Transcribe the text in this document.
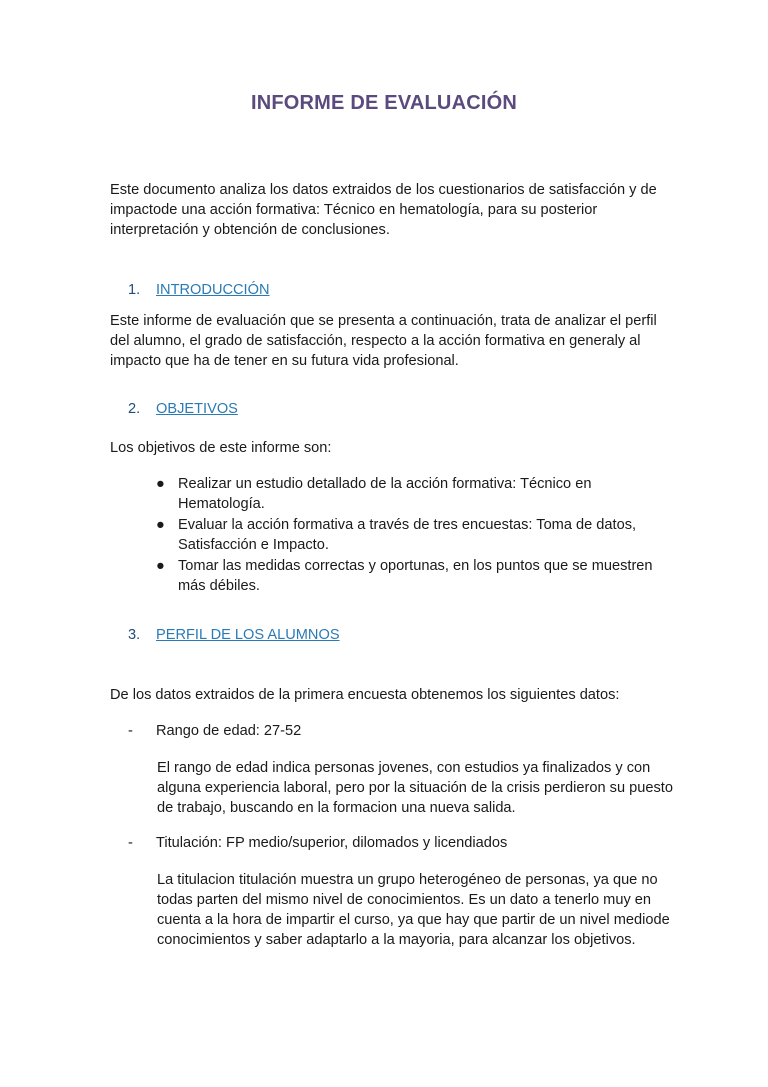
INFORME DE EVALUACIÓN

Este documento analiza los datos extraidos de los cuestionarios de satisfacción y de impactode una acción formativa: Técnico en hematología, para su posterior interpretación y obtención de conclusiones.

1. INTRODUCCIÓN

Este informe de evaluación que se presenta a continuación, trata de analizar el perfil del alumno, el grado de satisfacción, respecto a la acción formativa en generaly al impacto que ha de tener en su futura vida profesional.

2. OBJETIVOS

Los objetivos de este informe son:

● Realizar un estudio detallado de la acción formativa: Técnico en Hematología.
● Evaluar la acción formativa a través de tres encuestas: Toma de datos, Satisfacción e Impacto.
● Tomar las medidas correctas y oportunas, en los puntos que se muestren más débiles.
3. PERFIL DE LOS ALUMNOS

De los datos extraidos de la primera encuesta obtenemos los siguientes datos:

- Rango de edad: 27-52

El rango de edad indica personas jovenes, con estudios ya finalizados y con alguna experiencia laboral, pero por la situación de la crisis perdieron su puesto de trabajo, buscando en la formacion una nueva salida.

- Titulación: FP medio/superior, dilomados y licendiados

La titulacion titulación muestra un grupo heterogéneo de personas, ya que no todas parten del mismo nivel de conocimientos. Es un dato a tenerlo muy en cuenta a la hora de impartir el curso, ya que hay que partir de un nivel mediode conocimientos y saber adaptarlo a la mayoria, para alcanzar los objetivos.
